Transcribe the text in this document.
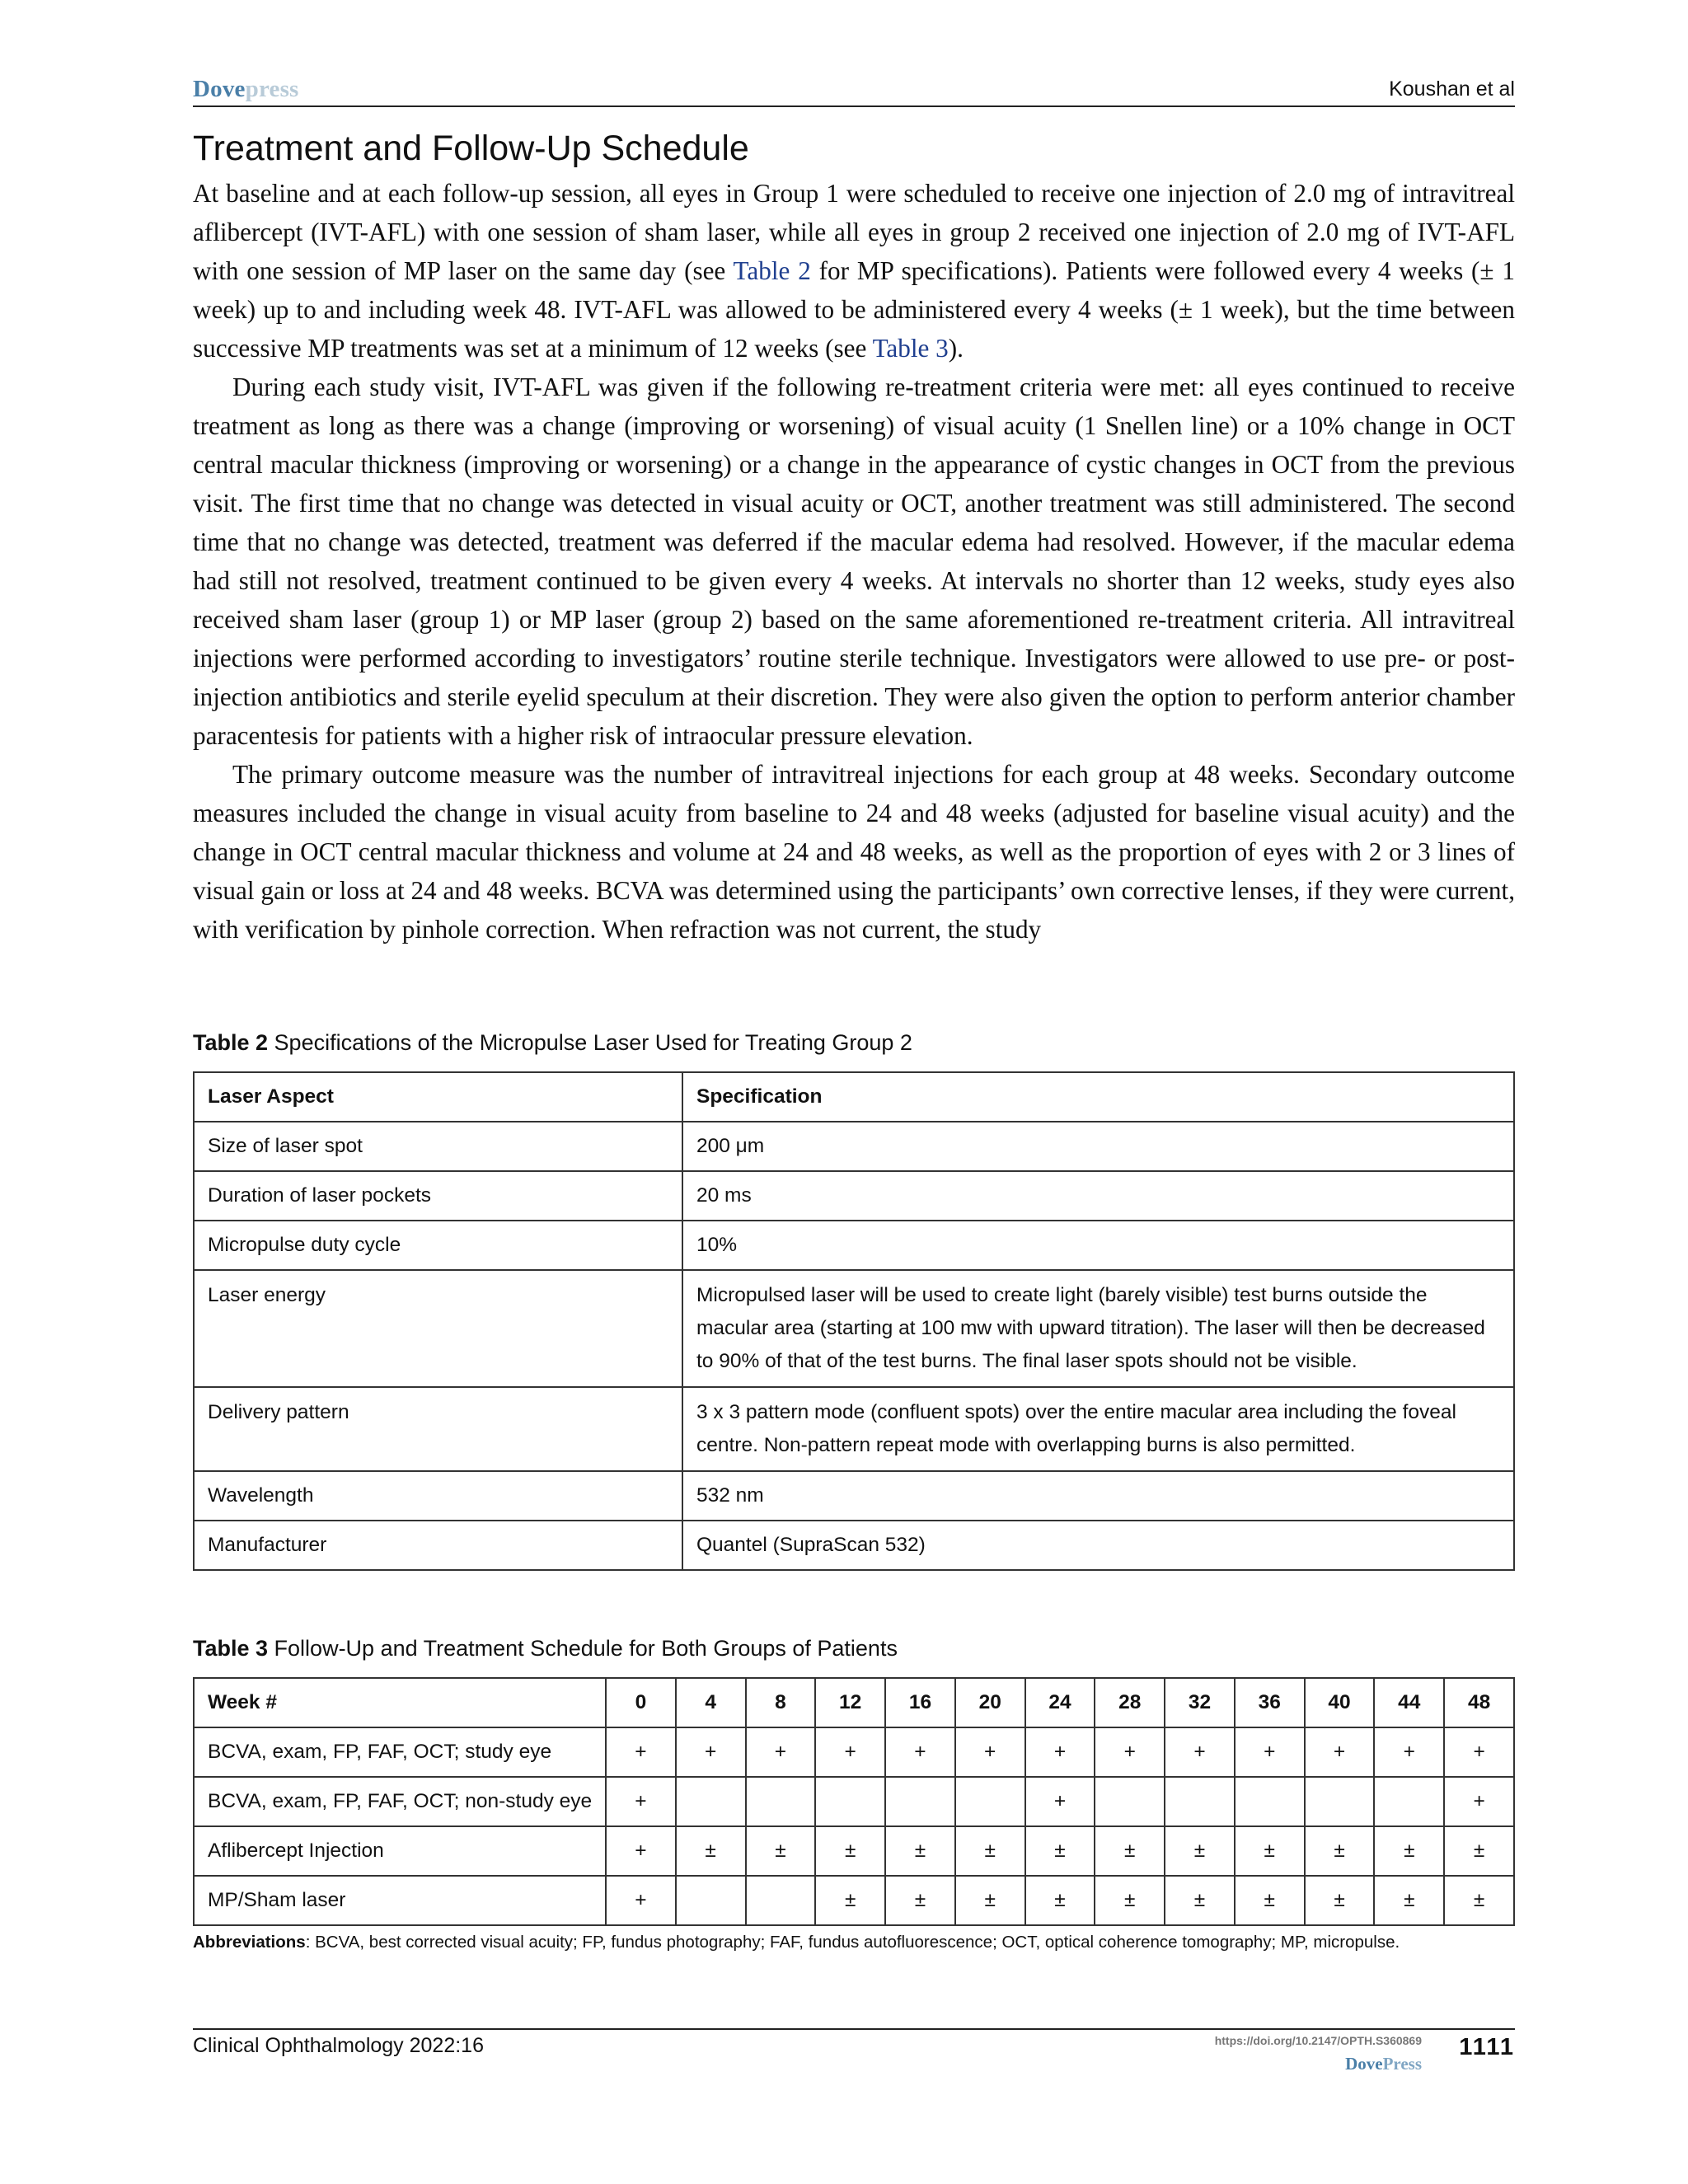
Dovepress	Koushan et al
Treatment and Follow-Up Schedule

At baseline and at each follow-up session, all eyes in Group 1 were scheduled to receive one injection of 2.0 mg of intravitreal aflibercept (IVT-AFL) with one session of sham laser, while all eyes in group 2 received one injection of 2.0 mg of IVT-AFL with one session of MP laser on the same day (see Table 2 for MP specifications). Patients were followed every 4 weeks (± 1 week) up to and including week 48. IVT-AFL was allowed to be administered every 4 weeks (± 1 week), but the time between successive MP treatments was set at a minimum of 12 weeks (see Table 3).

During each study visit, IVT-AFL was given if the following re-treatment criteria were met: all eyes continued to receive treatment as long as there was a change (improving or worsening) of visual acuity (1 Snellen line) or a 10% change in OCT central macular thickness (improving or worsening) or a change in the appearance of cystic changes in OCT from the previous visit. The first time that no change was detected in visual acuity or OCT, another treatment was still administered. The second time that no change was detected, treatment was deferred if the macular edema had resolved. However, if the macular edema had still not resolved, treatment continued to be given every 4 weeks. At intervals no shorter than 12 weeks, study eyes also received sham laser (group 1) or MP laser (group 2) based on the same aforementioned re-treatment criteria. All intravitreal injections were performed according to investigators’ routine sterile technique. Investigators were allowed to use pre- or post-injection antibiotics and sterile eyelid speculum at their discretion. They were also given the option to perform anterior chamber paracentesis for patients with a higher risk of intraocular pressure elevation.

The primary outcome measure was the number of intravitreal injections for each group at 48 weeks. Secondary outcome measures included the change in visual acuity from baseline to 24 and 48 weeks (adjusted for baseline visual acuity) and the change in OCT central macular thickness and volume at 24 and 48 weeks, as well as the proportion of eyes with 2 or 3 lines of visual gain or loss at 24 and 48 weeks. BCVA was determined using the participants’ own corrective lenses, if they were current, with verification by pinhole correction. When refraction was not current, the study

Table 2 Specifications of the Micropulse Laser Used for Treating Group 2
Laser Aspect	Specification
Size of laser spot	200 μm
Duration of laser pockets	20 ms
Micropulse duty cycle	10%
Laser energy	Micropulsed laser will be used to create light (barely visible) test burns outside the macular area (starting at 100 mw with upward titration). The laser will then be decreased to 90% of that of the test burns. The final laser spots should not be visible.
Delivery pattern	3 x 3 pattern mode (confluent spots) over the entire macular area including the foveal centre. Non-pattern repeat mode with overlapping burns is also permitted.
Wavelength	532 nm
Manufacturer	Quantel (SupraScan 532)
Table 3 Follow-Up and Treatment Schedule for Both Groups of Patients
Week #	0	4	8	12	16	20	24	28	32	36	40	44	48
BCVA, exam, FP, FAF, OCT; study eye	+	+	+	+	+	+	+	+	+	+	+	+	+
BCVA, exam, FP, FAF, OCT; non-study eye	+						+						+
Aflibercept Injection	+	±	±	±	±	±	±	±	±	±	±	±	±
MP/Sham laser	+			±	±	±	±	±	±	±	±	±	±
Abbreviations: BCVA, best corrected visual acuity; FP, fundus photography; FAF, fundus autofluorescence; OCT, optical coherence tomography; MP, micropulse.
Clinical Ophthalmology 2022:16	https://doi.org/10.2147/OPTH.S360869
DovePress
1111
